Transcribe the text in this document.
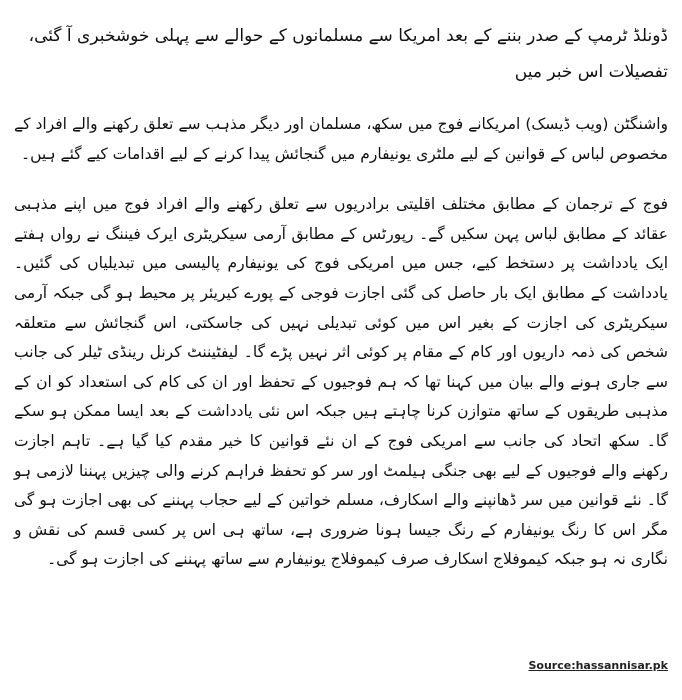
ڈونلڈ ٹرمپ کے صدر بننے کے بعد امریکا سے مسلمانوں کے حوالے سے پہلی خوشخبری آ گئی، تفصیلات اس خبر میں

واشنگٹن (ویب ڈیسک) امریکانے فوج میں سکھ، مسلمان اور دیگر مذہب سے تعلق رکھنے والے افراد کے مخصوص لباس کے قوانین کے لیے ملٹری یونیفارم میں گنجائش پیدا کرنے کے لیے اقدامات کیے گئے ہیں۔

فوج کے ترجمان کے مطابق مختلف اقلیتی برادریوں سے تعلق رکھنے والے افراد فوج میں اپنے مذہبی عقائد کے مطابق لباس پہن سکیں گے۔ رپورٹس کے مطابق آرمی سیکریٹری ایرک فیننگ نے رواں ہفتے ایک یادداشت پر دستخط کیے، جس میں امریکی فوج کی یونیفارم پالیسی میں تبدیلیاں کی گئیں۔ یادداشت کے مطابق ایک بار حاصل کی گئی اجازت فوجی کے پورے کیریئر پر محیط ہو گی جبکہ آرمی سیکریٹری کی اجازت کے بغیر اس میں کوئی تبدیلی نہیں کی جاسکتی، اس گنجائش سے متعلقہ شخص کی ذمہ داریوں اور کام کے مقام پر کوئی اثر نہیں پڑے گا۔ لیفٹیننٹ کرنل رینڈی ٹیلر کی جانب سے جاری ہونے والے بیان میں کہنا تھا کہ ہم فوجیوں کے تحفظ اور ان کی کام کی استعداد کو ان کے مذہبی طریقوں کے ساتھ متوازن کرنا چاہتے ہیں جبکہ اس نئی یادداشت کے بعد ایسا ممکن ہو سکے گا۔ سکھ اتحاد کی جانب سے امریکی فوج کے ان نئے قوانین کا خیر مقدم کیا گیا ہے۔ تاہم اجازت رکھنے والے فوجیوں کے لیے بھی جنگی ہیلمٹ اور سر کو تحفظ فراہم کرنے والی چیزیں پہننا لازمی ہو گا۔ نئے قوانین میں سر ڈھانپنے والے اسکارف، مسلم خواتین کے لیے حجاب پہننے کی بھی اجازت ہو گی مگر اس کا رنگ یونیفارم کے رنگ جیسا ہونا ضروری ہے، ساتھ ہی اس پر کسی قسم کی نقش و نگاری نہ ہو جبکہ کیموفلاج اسکارف صرف کیموفلاج یونیفارم سے ساتھ پہننے کی اجازت ہو گی۔

Source:hassannisar.pk
